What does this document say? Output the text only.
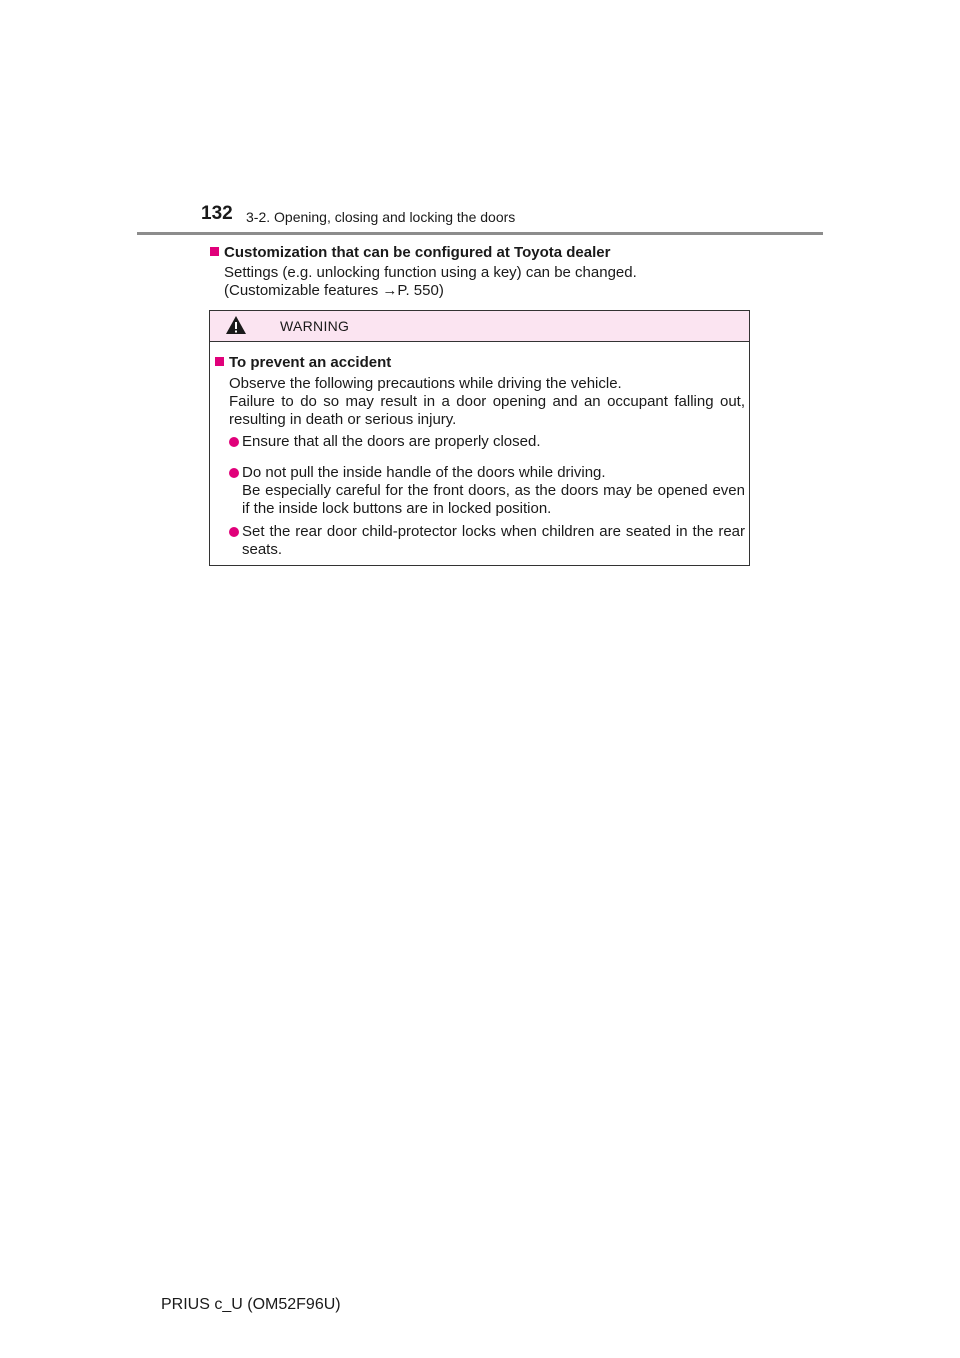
132 3-2. Opening, closing and locking the doors
Customization that can be configured at Toyota dealer
Settings (e.g. unlocking function using a key) can be changed.
(Customizable features →P. 550)
WARNING
To prevent an accident
Observe the following precautions while driving the vehicle.
Failure to do so may result in a door opening and an occupant falling out,
resulting in death or serious injury.
Ensure that all the doors are properly closed.
Do not pull the inside handle of the doors while driving.
Be especially careful for the front doors, as the doors may be opened even
if the inside lock buttons are in locked position.
Set the rear door child-protector locks when children are seated in the rear
seats.
PRIUS c_U (OM52F96U)
